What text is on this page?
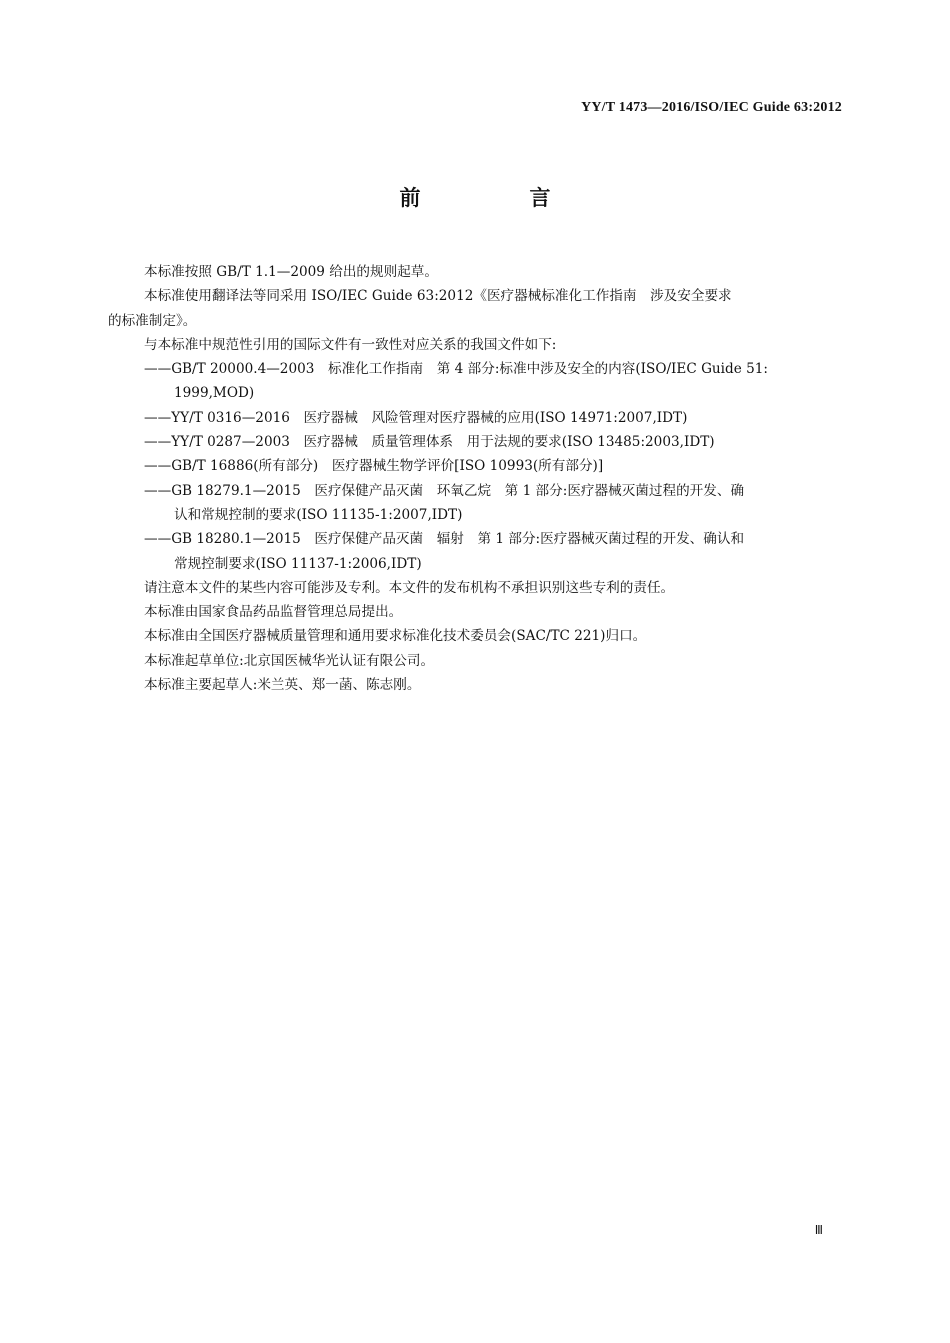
YY/T 1473—2016/ISO/IEC Guide 63:2012
前　言

本标准按照 GB/T 1.1—2009 给出的规则起草。

本标准使用翻译法等同采用 ISO/IEC Guide 63:2012《医疗器械标准化工作指南　涉及安全要求

的标准制定》。

与本标准中规范性引用的国际文件有一致性对应关系的我国文件如下:

——GB/T 20000.4—2003　标准化工作指南　第 4 部分:标准中涉及安全的内容(ISO/IEC Guide 51:

1999,MOD)

——YY/T 0316—2016　医疗器械　风险管理对医疗器械的应用(ISO 14971:2007,IDT)

——YY/T 0287—2003　医疗器械　质量管理体系　用于法规的要求(ISO 13485:2003,IDT)

——GB/T 16886(所有部分)　医疗器械生物学评价[ISO 10993(所有部分)]

——GB 18279.1—2015　医疗保健产品灭菌　环氧乙烷　第 1 部分:医疗器械灭菌过程的开发、确

认和常规控制的要求(ISO 11135-1:2007,IDT)

——GB 18280.1—2015　医疗保健产品灭菌　辐射　第 1 部分:医疗器械灭菌过程的开发、确认和

常规控制要求(ISO 11137-1:2006,IDT)

请注意本文件的某些内容可能涉及专利。本文件的发布机构不承担识别这些专利的责任。

本标准由国家食品药品监督管理总局提出。

本标准由全国医疗器械质量管理和通用要求标准化技术委员会(SAC/TC 221)归口。

本标准起草单位:北京国医械华光认证有限公司。

本标准主要起草人:米兰英、郑一菡、陈志刚。

Ⅲ
